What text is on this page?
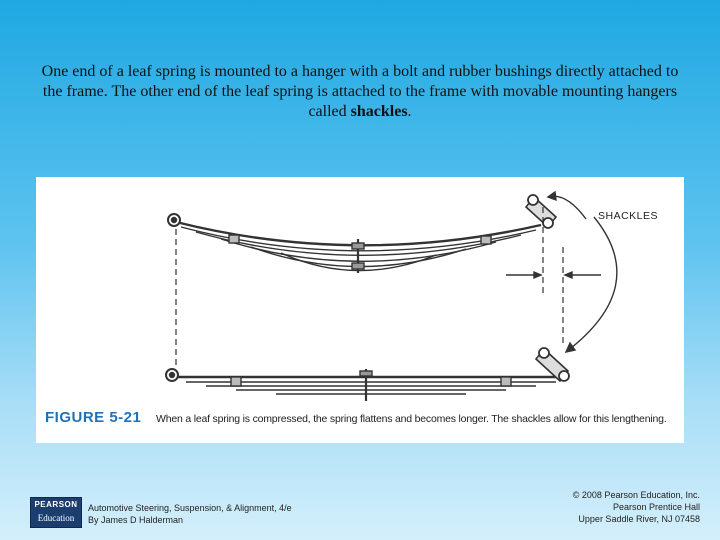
One end of a leaf spring is mounted to a hanger with a bolt and rubber bushings directly attached to the frame. The other end of the leaf spring is attached to the frame with movable mounting hangers called shackles.
SHACKLES
FIGURE 5-21 When a leaf spring is compressed, the spring flattens and becomes longer. The shackles allow for this lengthening.
PEARSON
Education
Automotive Steering, Suspension, & Alignment, 4/e
By James D Halderman
© 2008 Pearson Education, Inc.
Pearson Prentice Hall
Upper Saddle River, NJ 07458
